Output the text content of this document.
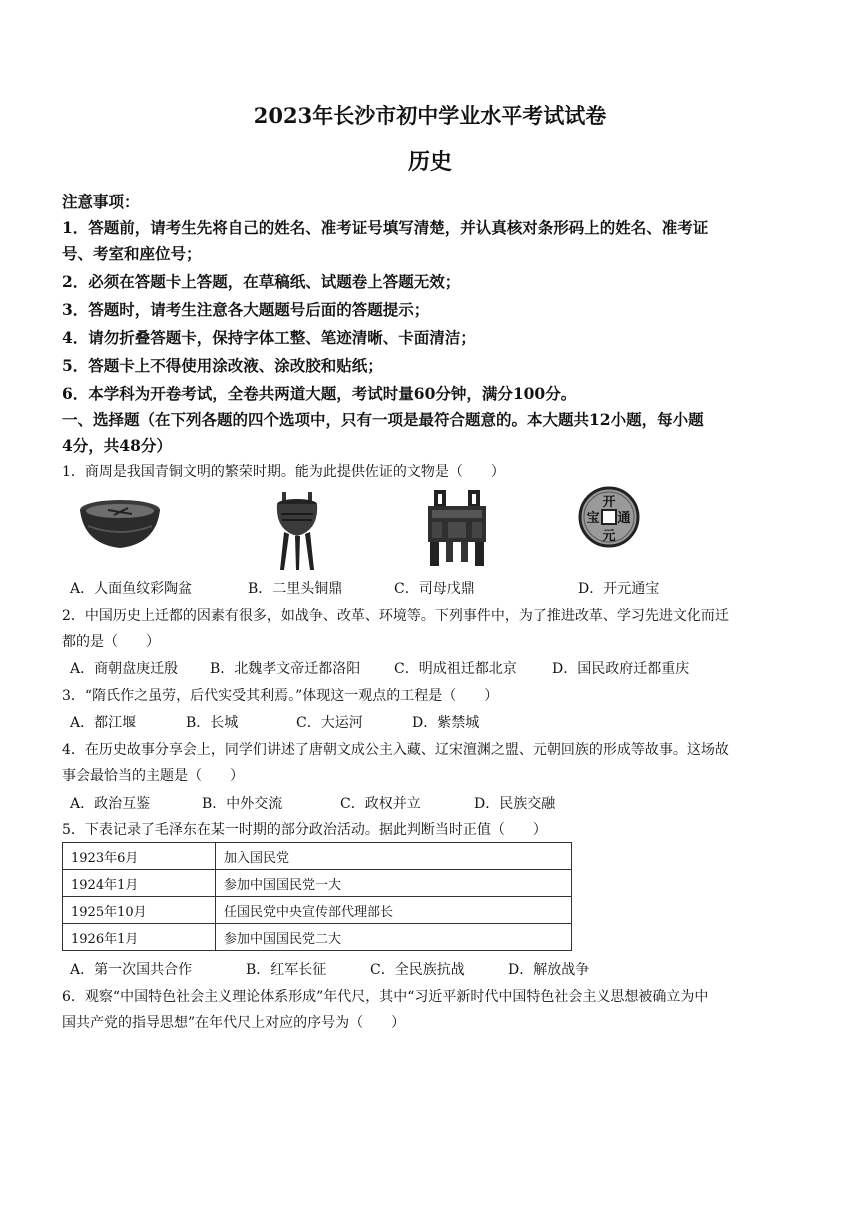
2023年长沙市初中学业水平考试试卷
历史
注意事项：
1．答题前，请考生先将自己的姓名、准考证号填写清楚，并认真核对条形码上的姓名、准考证
号、考室和座位号；
2．必须在答题卡上答题，在草稿纸、试题卷上答题无效；
3．答题时，请考生注意各大题题号后面的答题提示；
4．请勿折叠答题卡，保持字体工整、笔迹清晰、卡面清洁；
5．答题卡上不得使用涂改液、涂改胶和贴纸；
6．本学科为开卷考试，全卷共两道大题，考试时量60分钟，满分100分。
一、选择题（在下列各题的四个选项中，只有一项是最符合题意的。本大题共12小题，每小题
4分，共48分）
1．商周是我国青铜文明的繁荣时期。能为此提供佐证的文物是（　　）
开
元
通
宝
A．人面鱼纹彩陶盆	B．二里头铜鼎	C．司母戊鼎	D．开元通宝
2．中国历史上迁都的因素有很多，如战争、改革、环境等。下列事件中，为了推进改革、学习先进文化而迁
都的是（　　）
A．商朝盘庚迁殷 B．北魏孝文帝迁都洛阳 C．明成祖迁都北京	D．国民政府迁都重庆
3．“隋氏作之虽劳，后代实受其利焉。”体现这一观点的工程是（　　）
A．都江堰	B．长城	C．大运河	D．紫禁城
4．在历史故事分享会上，同学们讲述了唐朝文成公主入藏、辽宋澶渊之盟、元朝回族的形成等故事。这场故
事会最恰当的主题是（　　）
A．政治互鉴	B．中外交流	C．政权并立	D．民族交融
5．下表记录了毛泽东在某一时期的部分政治活动。据此判断当时正值（　　）
1923年6月	加入国民党
1924年1月	参加中国国民党一大
1925年10月	任国民党中央宣传部代理部长
1926年1月	参加中国国民党二大
A．第一次国共合作	B．红军长征	C．全民族抗战	D．解放战争
6．观察“中国特色社会主义理论体系形成”年代尺，其中“习近平新时代中国特色社会主义思想被确立为中
国共产党的指导思想”在年代尺上对应的序号为（　　）
